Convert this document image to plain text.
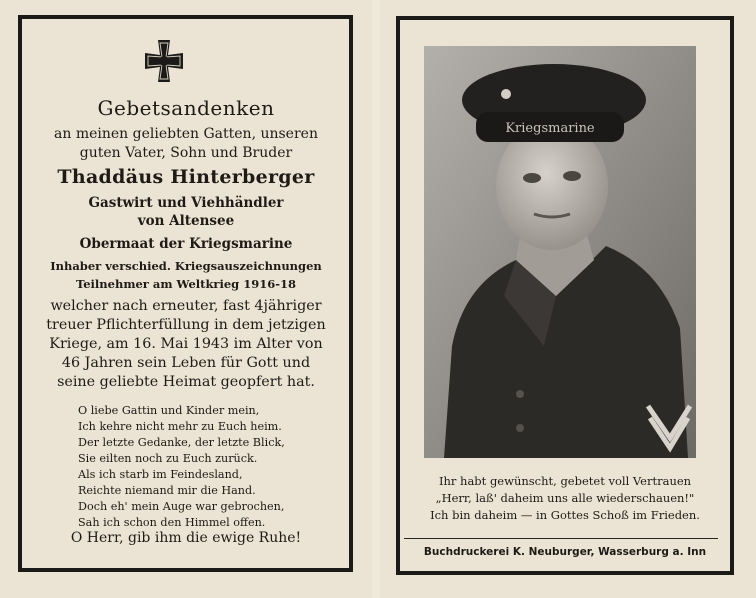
Gebetsandenken
an meinen geliebten Gatten, unseren
guten Vater, Sohn und Bruder
Thaddäus Hinterberger
Gastwirt und Viehhändler
von Altensee
Obermaat der Kriegsmarine
Inhaber verschied. Kriegsauszeichnungen
Teilnehmer am Weltkrieg 1916-18
welcher nach erneuter, fast 4jähriger
treuer Pflichterfüllung in dem jetzigen
Kriege, am 16. Mai 1943 im Alter von
46 Jahren sein Leben für Gott und
seine geliebte Heimat geopfert hat.
O liebe Gattin und Kinder mein,
Ich kehre nicht mehr zu Euch heim.
Der letzte Gedanke, der letzte Blick,
Sie eilten noch zu Euch zurück.
Als ich starb im Feindesland,
Reichte niemand mir die Hand.
Doch eh' mein Auge war gebrochen,
Sah ich schon den Himmel offen.
O Herr, gib ihm die ewige Ruhe!
Kriegsmarine
Ihr habt gewünscht, gebetet voll Vertrauen
„Herr, laß' daheim uns alle wiederschauen!"
Ich bin daheim — in Gottes Schoß im Frieden.
Buchdruckerei K. Neuburger, Wasserburg a. Inn
